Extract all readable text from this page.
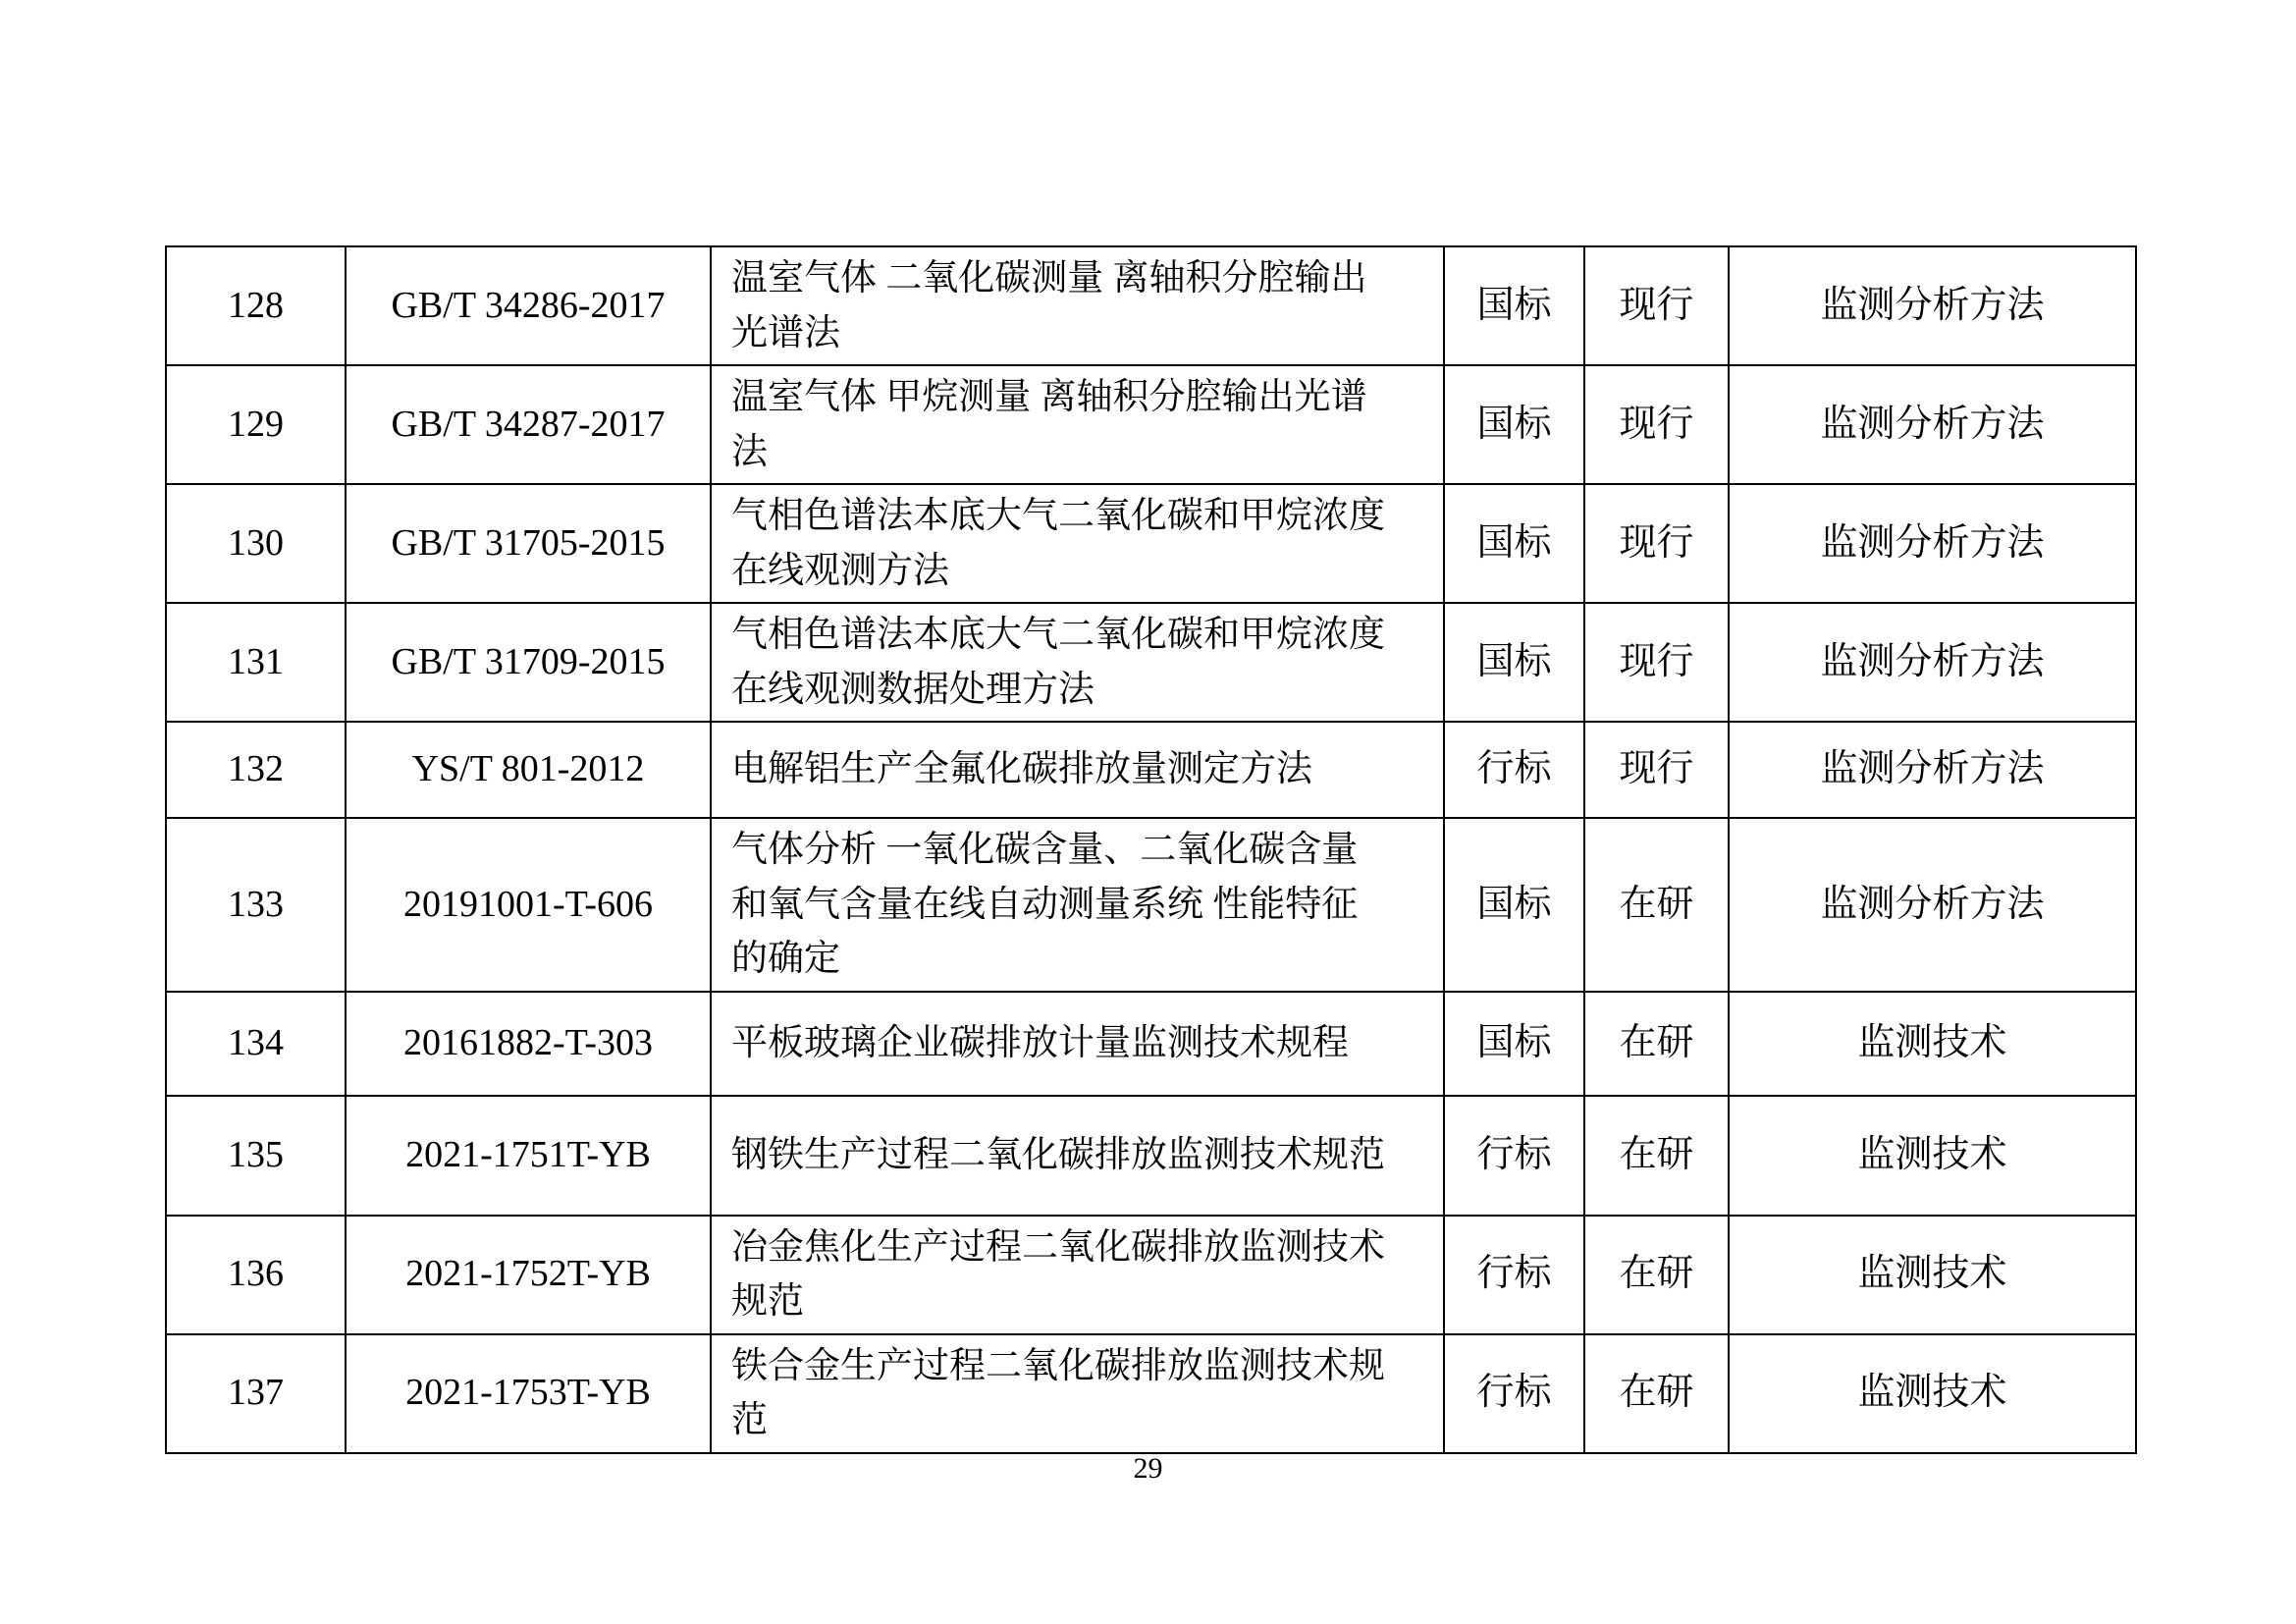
128	GB/T 34286-2017	温室气体 二氧化碳测量 离轴积分腔输出光谱法	国标	现行	监测分析方法
129	GB/T 34287-2017	温室气体 甲烷测量 离轴积分腔输出光谱法	国标	现行	监测分析方法
130	GB/T 31705-2015	气相色谱法本底大气二氧化碳和甲烷浓度在线观测方法	国标	现行	监测分析方法
131	GB/T 31709-2015	气相色谱法本底大气二氧化碳和甲烷浓度在线观测数据处理方法	国标	现行	监测分析方法
132	YS/T 801-2012	电解铝生产全氟化碳排放量测定方法	行标	现行	监测分析方法
133	20191001-T-606	气体分析 一氧化碳含量、二氧化碳含量和氧气含量在线自动测量系统 性能特征的确定	国标	在研	监测分析方法
134	20161882-T-303	平板玻璃企业碳排放计量监测技术规程	国标	在研	监测技术
135	2021-1751T-YB	钢铁生产过程二氧化碳排放监测技术规范	行标	在研	监测技术
136	2021-1752T-YB	冶金焦化生产过程二氧化碳排放监测技术规范	行标	在研	监测技术
137	2021-1753T-YB	铁合金生产过程二氧化碳排放监测技术规范	行标	在研	监测技术
29
